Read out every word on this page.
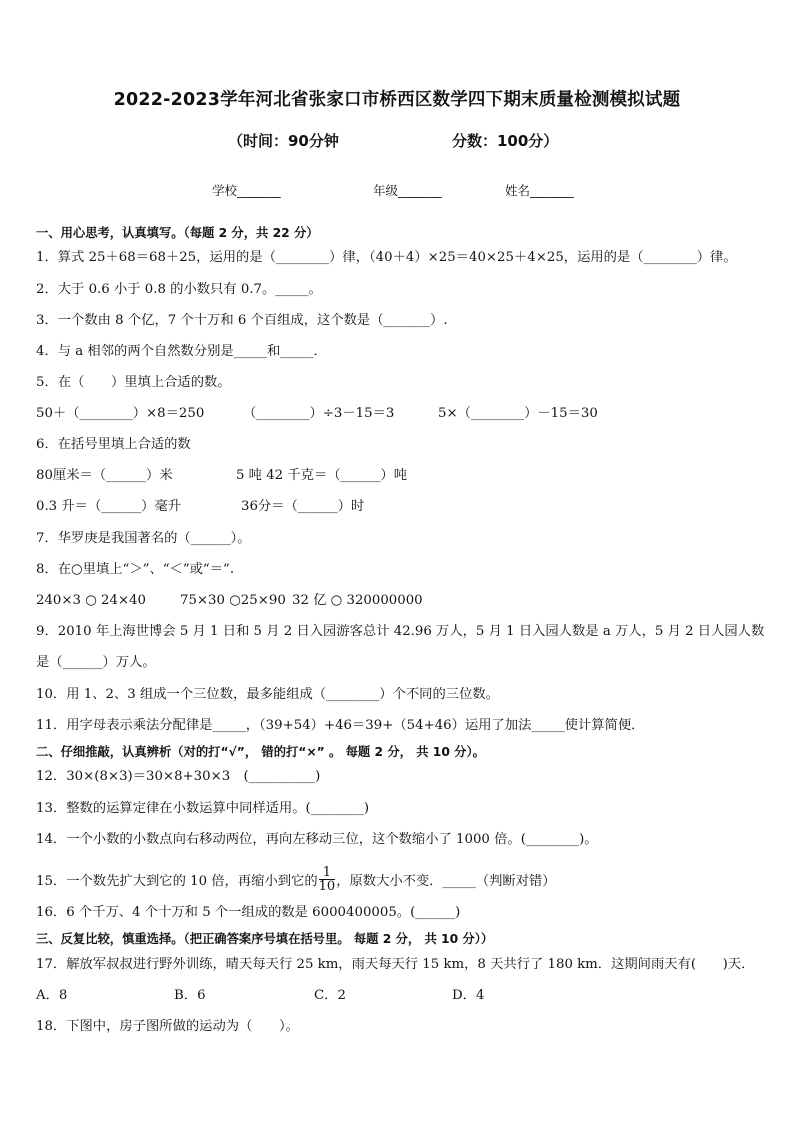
2022-2023学年河北省张家口市桥西区数学四下期末质量检测模拟试题
（时间：90分钟	分数：100分）
学校_______	年级_______	姓名_______
一、用心思考，认真填写。（每题 2 分，共 22 分）
1．算式 25＋68＝68＋25，运用的是（________）律，（40＋4）×25＝40×25＋4×25，运用的是（________）律。
2．大于 0.6 小于 0.8 的小数只有 0.7。_____。
3．一个数由 8 个亿，7 个十万和 6 个百组成，这个数是（_______）.
4．与 a 相邻的两个自然数分别是_____和_____．
5．在（　　）里填上合适的数。
50＋（________）×8＝250	（________）÷3－15＝3	5×（________）－15＝30
6．在括号里填上合适的数
80厘米＝（______）米	5 吨 42 千克＝（______）吨
0.3 升＝（______）毫升	36分＝（______）时
7．华罗庚是我国著名的（______）。
8．在○里填上“＞”、“＜”或“＝”.
240×3 ○ 24×40	75×30 ○25×90 32 亿 ○ 320000000
9．2010 年上海世博会 5 月 1 日和 5 月 2 日入园游客总计 42.96 万人，5 月 1 日入园人数是 a 万人，5 月 2 日人园人数
是（______）万人。
10．用 1、2、3 组成一个三位数，最多能组成（________）个不同的三位数。
11．用字母表示乘法分配律是_____，（39+54）+46＝39+（54+46）运用了加法_____使计算简便．
二、仔细推敲，认真辨析（对的打“√”， 错的打“×” 。 每题 2 分， 共 10 分）。
12．30×(8×3)＝30×8+30×3　(__________)
13．整数的运算定律在小数运算中同样适用。(________)
14．一个小数的小数点向右移动两位，再向左移动三位，这个数缩小了 1000 倍。(________)。
15．一个数先扩大到它的 10 倍，再缩小到它的 $\frac{1}{10}$ ，原数大小不变．_____（判断对错）
16．6 个千万、4 个十万和 5 个一组成的数是 6000400005。(______)
三、反复比较，慎重选择。（把正确答案序号填在括号里。 每题 2 分， 共 10 分））
17．解放军叔叔进行野外训练，晴天每天行 25 km，雨天每天行 15 km，8 天共行了 180 km．这期间雨天有(　　)天．
A．8	B．6	C．2	D．4
18．下图中，房子图所做的运动为（　　）。
